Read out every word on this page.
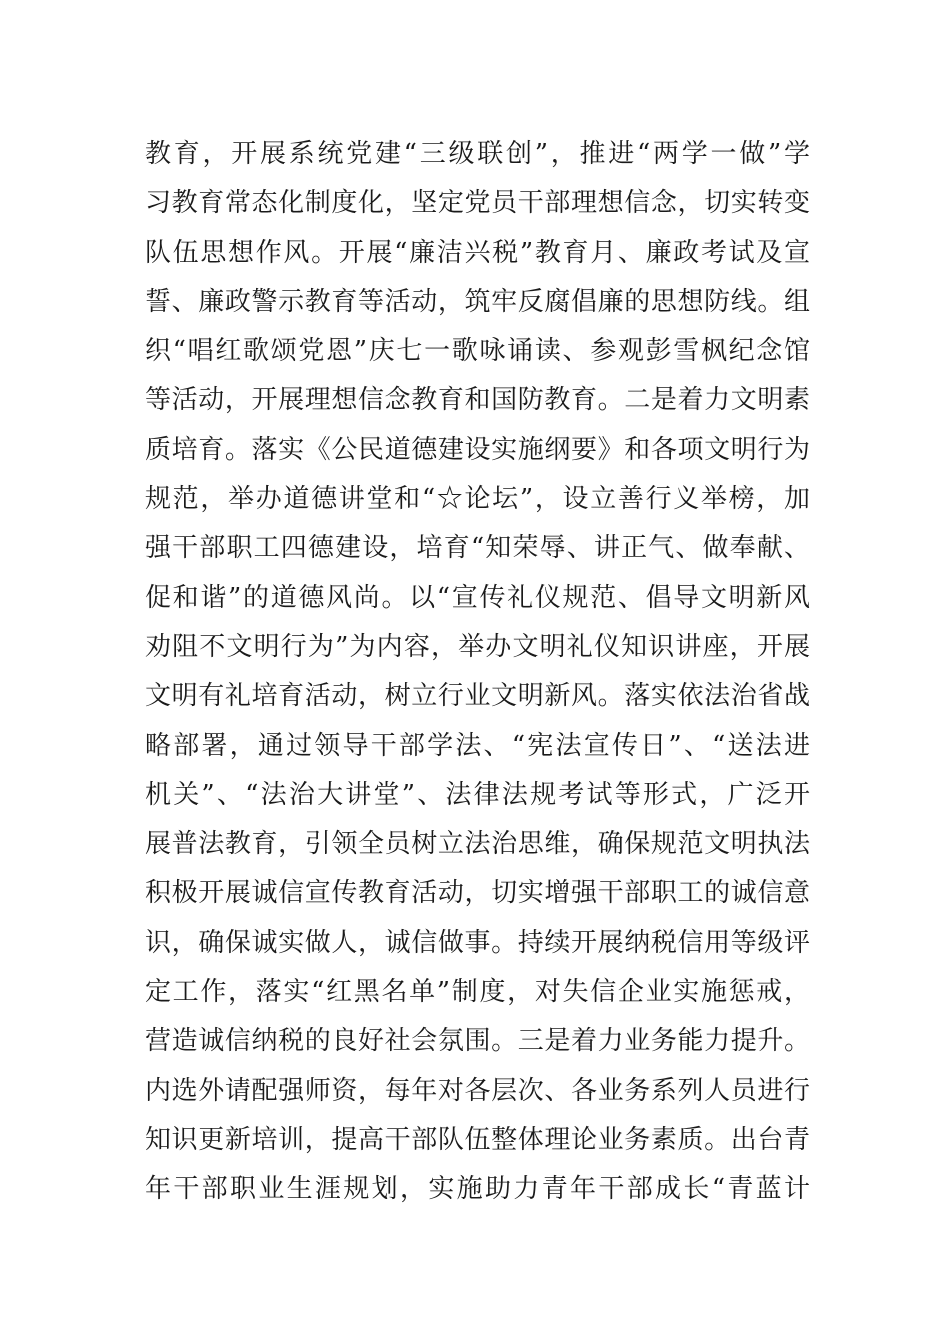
教育，开展系统党建“三级联创”，推进“两学一做”学
习教育常态化制度化，坚定党员干部理想信念，切实转变
队伍思想作风。开展“廉洁兴税”教育月、廉政考试及宣
誓、廉政警示教育等活动，筑牢反腐倡廉的思想防线。组
织“唱红歌颂党恩”庆七一歌咏诵读、参观彭雪枫纪念馆
等活动，开展理想信念教育和国防教育。二是着力文明素
质培育。落实《公民道德建设实施纲要》和各项文明行为
规范，举办道德讲堂和“☆论坛”，设立善行义举榜，加
强干部职工四德建设，培育“知荣辱、讲正气、做奉献、
促和谐”的道德风尚。以“宣传礼仪规范、倡导文明新风
劝阻不文明行为”为内容，举办文明礼仪知识讲座，开展
文明有礼培育活动，树立行业文明新风。落实依法治省战
略部署，通过领导干部学法、“宪法宣传日”、“送法进
机关”、“法治大讲堂”、法律法规考试等形式，广泛开
展普法教育，引领全员树立法治思维，确保规范文明执法
积极开展诚信宣传教育活动，切实增强干部职工的诚信意
识，确保诚实做人，诚信做事。持续开展纳税信用等级评
定工作，落实“红黑名单”制度，对失信企业实施惩戒，
营造诚信纳税的良好社会氛围。三是着力业务能力提升。
内选外请配强师资，每年对各层次、各业务系列人员进行
知识更新培训，提高干部队伍整体理论业务素质。出台青
年干部职业生涯规划，实施助力青年干部成长“青蓝计
